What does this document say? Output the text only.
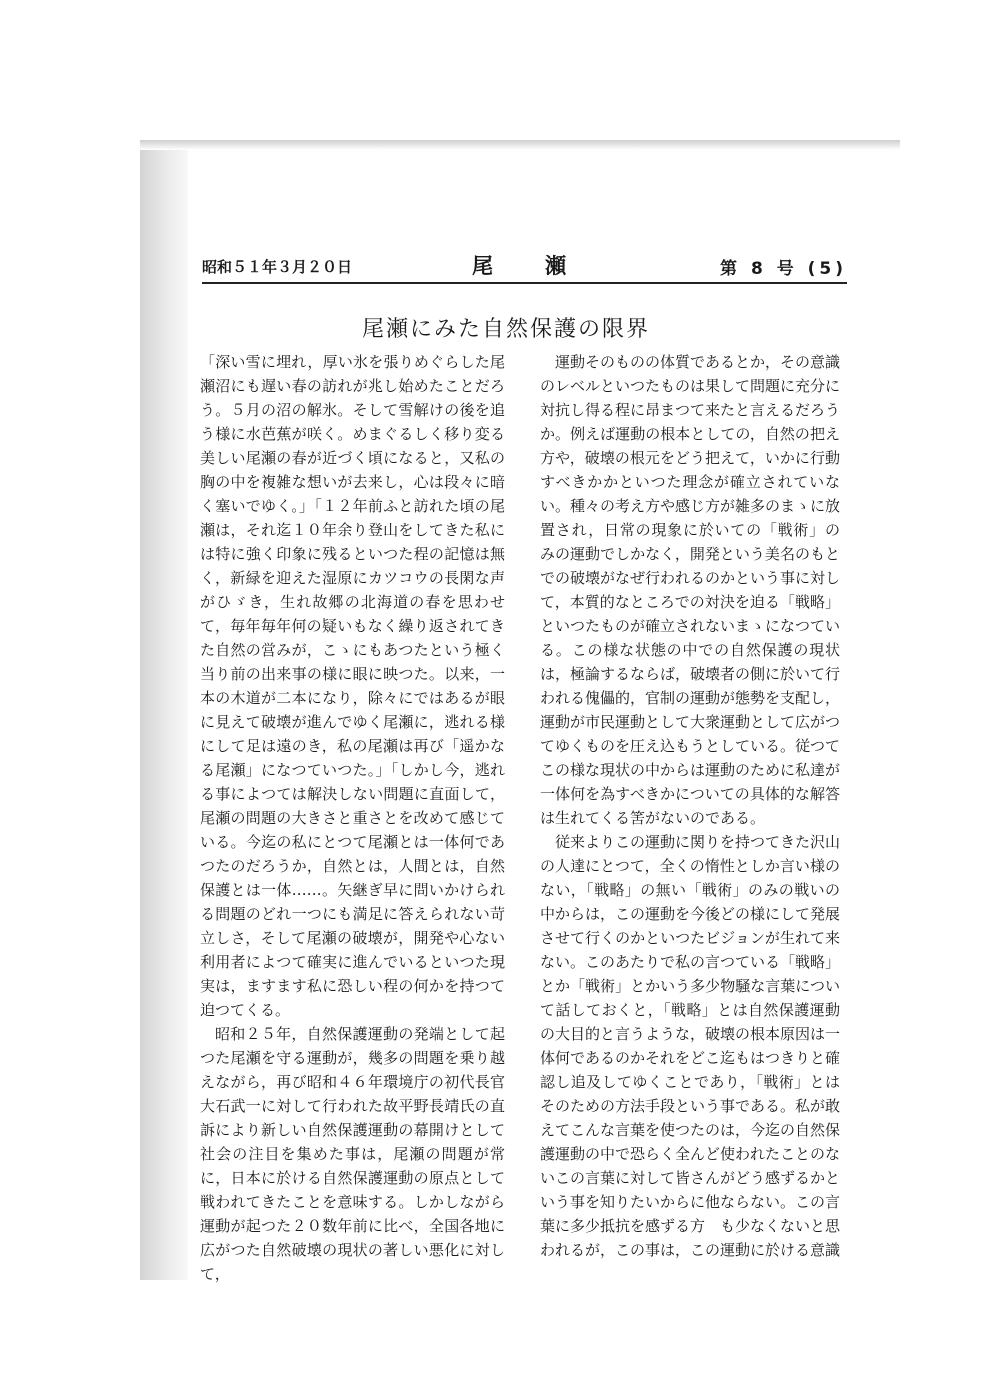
昭和５１年３月２０日	尾瀬	第 8 号 (5)
尾瀬にみた自然保護の限界

「深い雪に埋れ，厚い氷を張りめぐらした尾瀬沼にも遅い春の訪れが兆し始めたことだろう。５月の沼の解氷。そして雪解けの後を追う様に水芭蕉が咲く。めまぐるしく移り変る美しい尾瀬の春が近づく頃になると，又私の胸の中を複雑な想いが去来し，心は段々に暗く塞いでゆく。」「１２年前ふと訪れた頃の尾瀬は，それ迄１０年余り登山をしてきた私には特に強く印象に残るといつた程の記憶は無く，新緑を迎えた湿原にカツコウの長閑な声がひゞき，生れ故郷の北海道の春を思わせて，毎年毎年何の疑いもなく繰り返されてきた自然の営みが，こゝにもあつたという極く当り前の出来事の様に眼に映つた。以来，一本の木道が二本になり，除々にではあるが眼に見えて破壊が進んでゆく尾瀬に，逃れる様にして足は遠のき，私の尾瀬は再び「遥かなる尾瀬」になつていつた。」「しかし今，逃れる事によつては解決しない問題に直面して，尾瀬の問題の大きさと重さとを改めて感じている。今迄の私にとつて尾瀬とは一体何であつたのだろうか，自然とは，人間とは，自然保護とは一体……。矢継ぎ早に問いかけられる問題のどれ一つにも満足に答えられない苛立しさ，そして尾瀬の破壊が，開発や心ない利用者によつて確実に進んでいるといつた現実は，ますます私に恐しい程の何かを持つて迫つてくる。

昭和２５年，自然保護運動の発端として起つた尾瀬を守る運動が，幾多の問題を乗り越えながら，再び昭和４６年環境庁の初代長官大石武一に対して行われた故平野長靖氏の直訴により新しい自然保護運動の幕開けとして社会の注目を集めた事は，尾瀬の問題が常に，日本に於ける自然保護運動の原点として戦われてきたことを意味する。しかしながら運動が起つた２０数年前に比べ，全国各地に広がつた自然破壊の現状の著しい悪化に対して，

運動そのものの体質であるとか，その意識のレベルといつたものは果して問題に充分に対抗し得る程に昂まつて来たと言えるだろうか。例えば運動の根本としての，自然の把え方や，破壊の根元をどう把えて，いかに行動すべきかかといつた理念が確立されていない。種々の考え方や感じ方が雑多のまゝに放置され，日常の現象に於いての「戦術」のみの運動でしかなく，開発という美名のもとでの破壊がなぜ行われるのかという事に対して，本質的なところでの対決を迫る「戦略」といつたものが確立されないまゝになつている。この様な状態の中での自然保護の現状は，極論するならば，破壊者の側に於いて行われる傀儡的，官制の運動が態勢を支配し，運動が市民運動として大衆運動として広がつてゆくものを圧え込もうとしている。従つてこの様な現状の中からは運動のために私達が一体何を為すべきかについての具体的な解答は生れてくる筈がないのである。

従来よりこの運動に関りを持つてきた沢山の人達にとつて，全くの惰性としか言い様のない，「戦略」の無い「戦術」のみの戦いの中からは，この運動を今後どの様にして発展させて行くのかといつたビジョンが生れて来ない。このあたりで私の言つている「戦略」とか「戦術」とかいう多少物騒な言葉について話しておくと，「戦略」とは自然保護運動の大目的と言うような，破壊の根本原因は一体何であるのかそれをどこ迄もはつきりと確認し追及してゆくことであり，「戦術」とはそのための方法手段という事である。私が敢えてこんな言葉を使つたのは，今迄の自然保護運動の中で恐らく全んど使われたことのないこの言葉に対して皆さんがどう感ずるかという事を知りたいからに他ならない。この言葉に多少抵抗を感ずる方　も少なくないと思われるが，この事は，この運動に於ける意識
